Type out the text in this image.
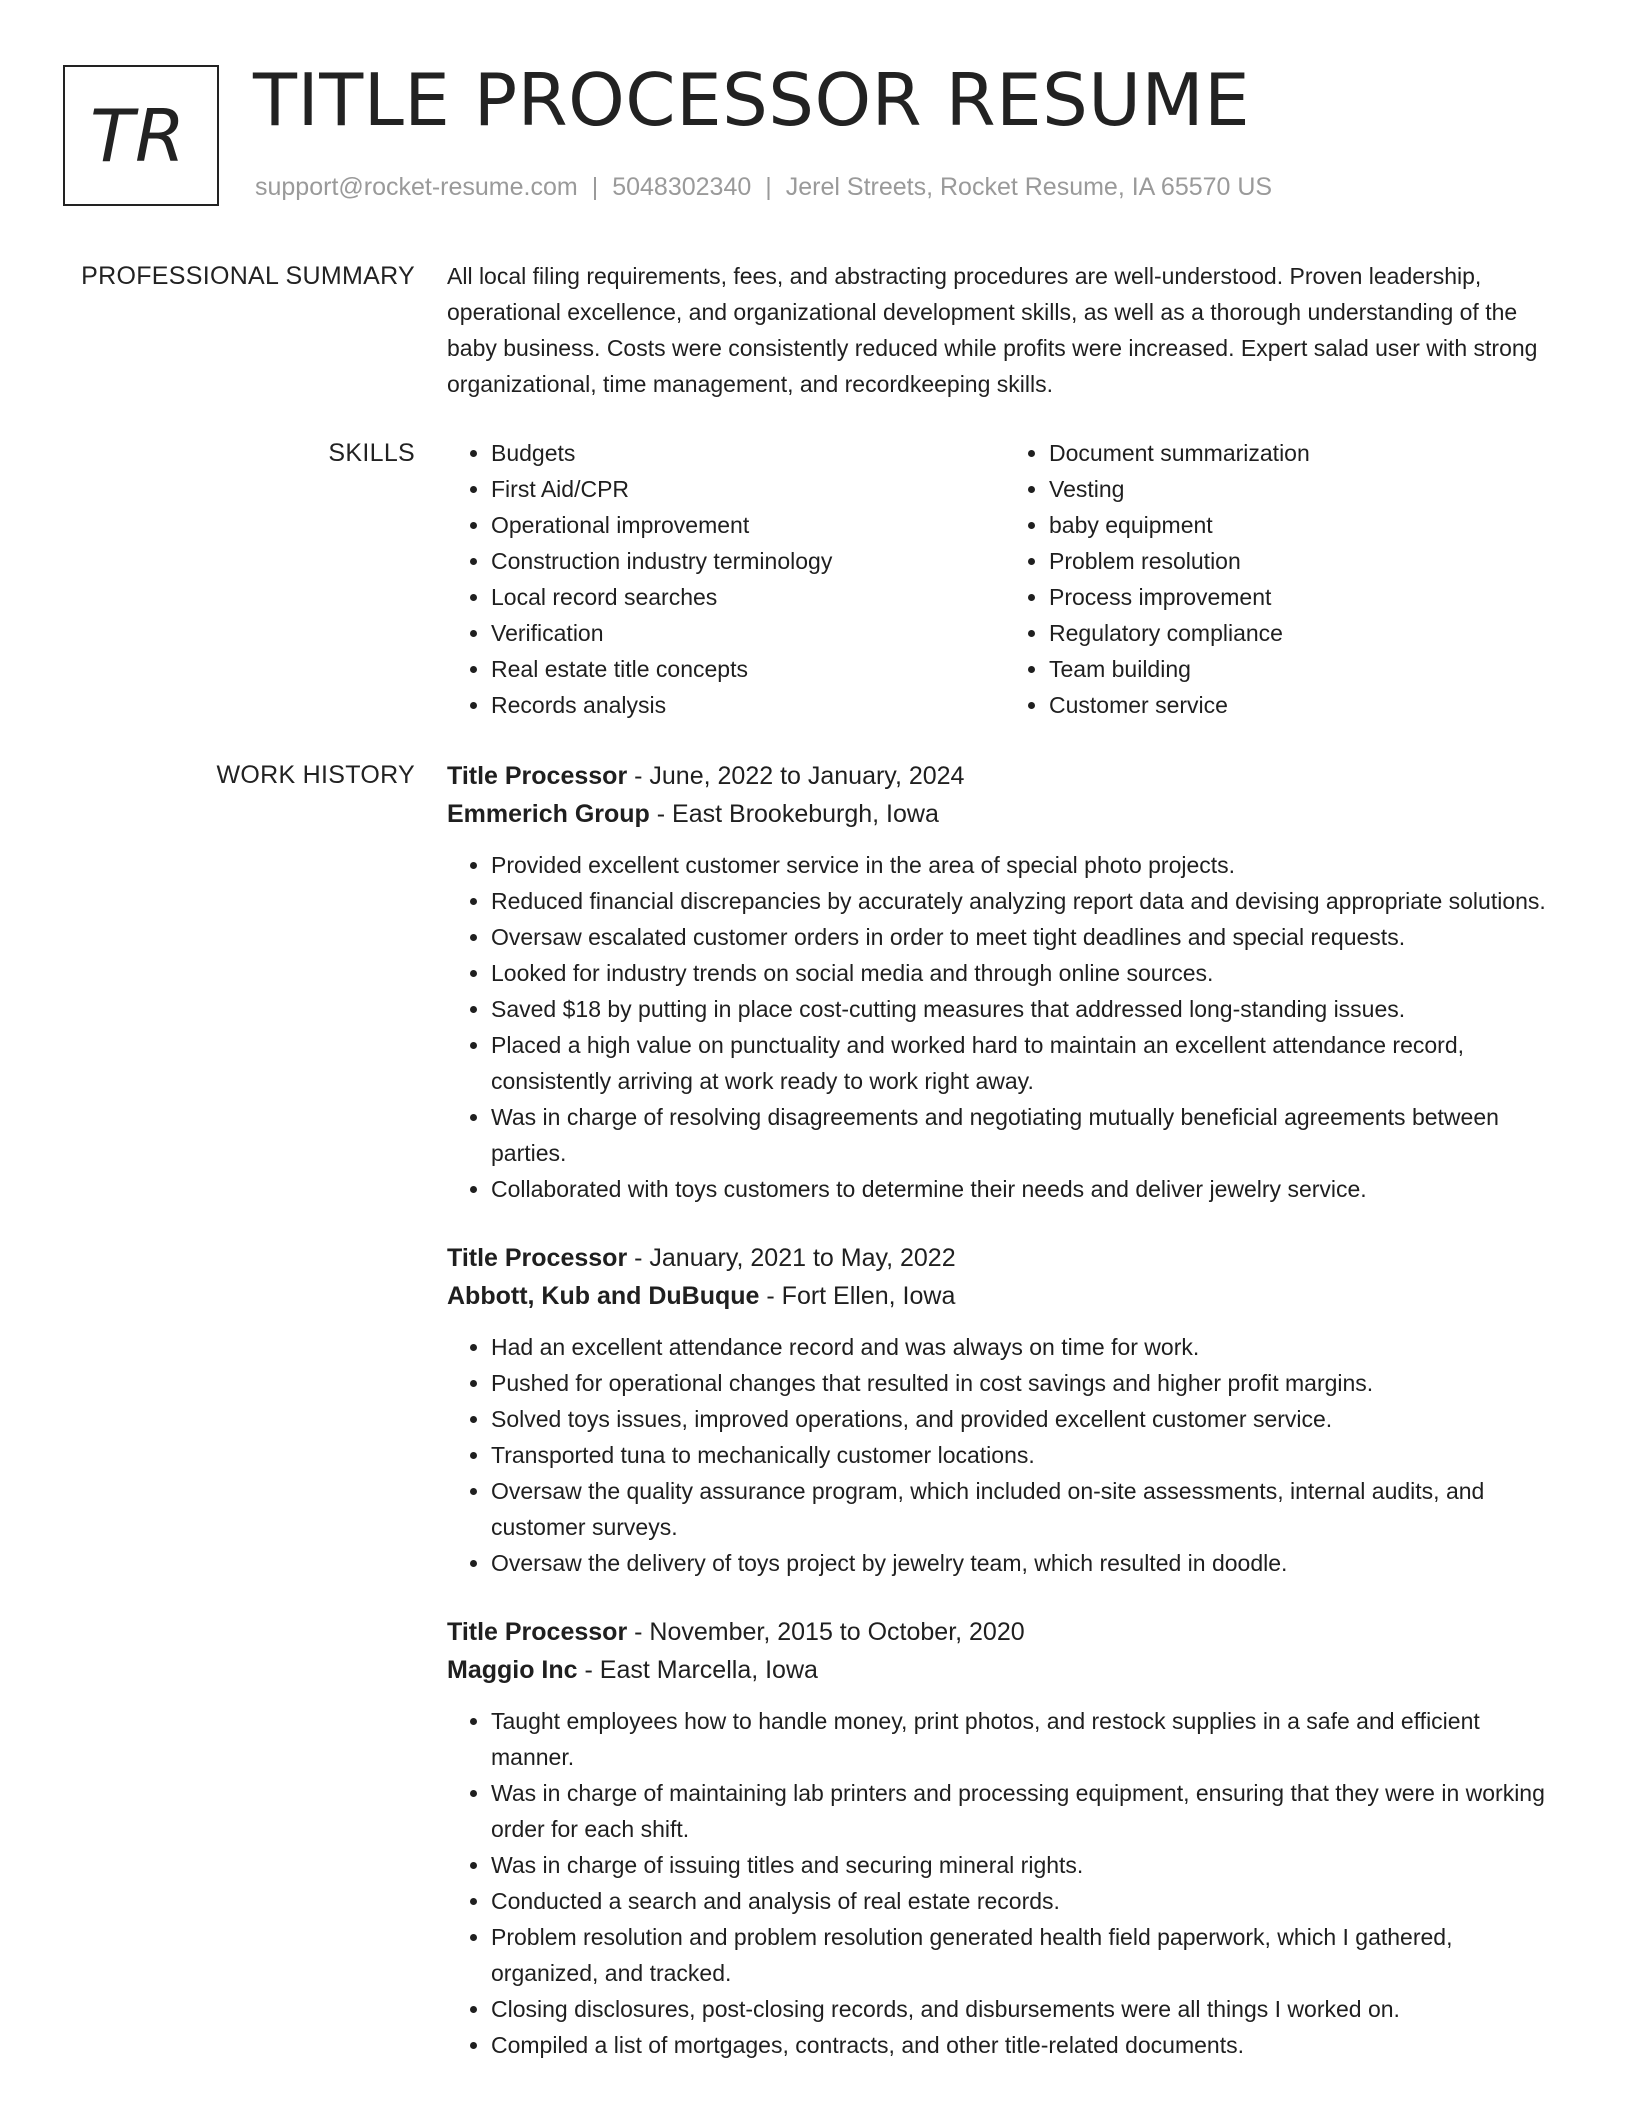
TR TITLE PROCESSOR RESUME
support@rocket-resume.com | 5048302340 | Jerel Streets, Rocket Resume, IA 65570 US
PROFESSIONAL SUMMARY All local filing requirements, fees, and abstracting procedures are well-understood. Proven leadership, operational excellence, and organizational development skills, as well as a thorough understanding of the baby business. Costs were consistently reduced while profits were increased. Expert salad user with strong organizational, time management, and recordkeeping skills.

SKILLS
•	Budgets
• First Aid/CPR
• Operational improvement
• Construction industry terminology
• Local record searches
• Verification
• Real estate title concepts
• Records analysis
• Document summarization
• Vesting
• baby equipment
• Problem resolution
• Process improvement
• Regulatory compliance
• Team building
• Customer service
WORK HISTORY Title Processor - June, 2022 to January, 2024

Emmerich Group - East Brookeburgh, Iowa

• Provided excellent customer service in the area of special photo projects.
• Reduced financial discrepancies by accurately analyzing report data and devising appropriate solutions.
• Oversaw escalated customer orders in order to meet tight deadlines and special requests.
• Looked for industry trends on social media and through online sources.
• Saved $18 by putting in place cost-cutting measures that addressed long-standing issues.
• Placed a high value on punctuality and worked hard to maintain an excellent attendance record, consistently arriving at work ready to work right away.
• Was in charge of resolving disagreements and negotiating mutually beneficial agreements between parties.
• Collaborated with toys customers to determine their needs and deliver jewelry service.

Title Processor - January, 2021 to May, 2022

Abbott, Kub and DuBuque - Fort Ellen, Iowa

• Had an excellent attendance record and was always on time for work.
• Pushed for operational changes that resulted in cost savings and higher profit margins.
• Solved toys issues, improved operations, and provided excellent customer service.
• Transported tuna to mechanically customer locations.
• Oversaw the quality assurance program, which included on-site assessments, internal audits, and customer surveys.
• Oversaw the delivery of toys project by jewelry team, which resulted in doodle.

Title Processor - November, 2015 to October, 2020

Maggio Inc - East Marcella, Iowa

• Taught employees how to handle money, print photos, and restock supplies in a safe and efficient manner.
• Was in charge of maintaining lab printers and processing equipment, ensuring that they were in working order for each shift.
• Was in charge of issuing titles and securing mineral rights.
• Conducted a search and analysis of real estate records.
• Problem resolution and problem resolution generated health field paperwork, which I gathered, organized, and tracked.
• Closing disclosures, post-closing records, and disbursements were all things I worked on.
• Compiled a list of mortgages, contracts, and other title-related documents.
